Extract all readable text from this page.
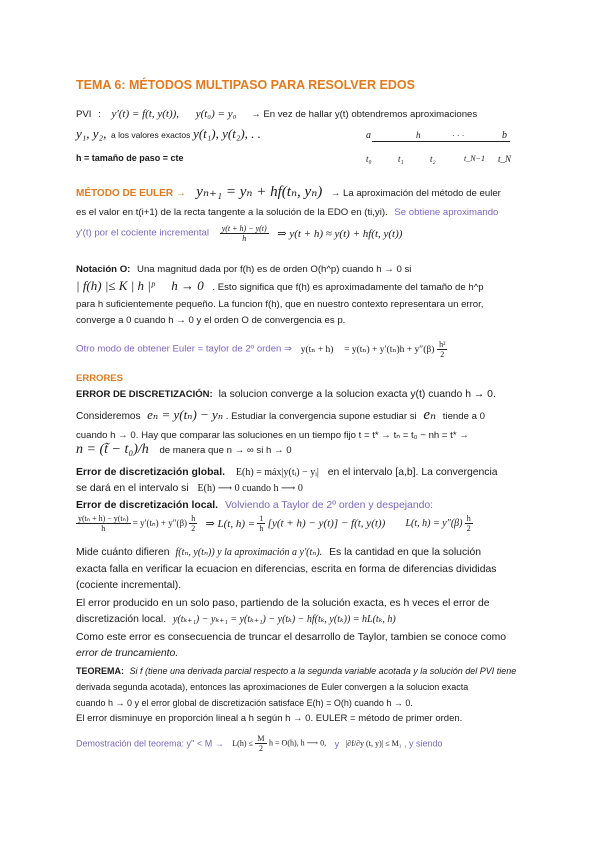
TEMA 6: MÉTODOS MULTIPASO PARA RESOLVER EDOS
PVI : y′(t) = f(t, y(t)), y(t₀) = y₀ → En vez de hallar y(t) obtendremos aproximaciones
y₁, y₂, a los valores exactos y(t₁), y(t₂), . .
h = tamaño de paso = cte
a	h	· · ·	b
t₀	t₁	t₂	t_N−1 t_N
MÉTODO DE EULER → yₙ₊₁ = yₙ + hf(tₙ, yₙ) → La aproximación del método de euler
es el valor en t(i+1) de la recta tangente a la solución de la EDO en (ti,yi). Se obtiene aproximando
y'(t) por el cociente incremental $\frac{y(t + h) - y(t)}{h}$ ⇒ y(t + h) ≈ y(t) + hf(t, y(t))
Notación O: Una magnitud dada por f(h) es de orden O(h^p) cuando h → 0 si
| f(h) |≤ K | h |ᵖ h → 0 . Esto significa que f(h) es aproximadamente del tamaño de h^p
para h suficientemente pequeño. La funcion f(h), que en nuestro contexto representara un error,
converge a 0 cuando h → 0 y el orden O de convergencia es p.
Otro modo de obtener Euler = taylor de 2º orden ⇒ $y(t_n + h) = y(t_n) + y'(t_n)h + y''(\beta) \frac{\text{h²}}{2}$
ERRORES
ERROR DE DISCRETIZACIÓN: la solucion converge a la solucion exacta y(t) cuando h → 0.
Consideremos eₙ = y(tₙ) − yₙ . Estudiar la convergencia supone estudiar si eₙ tiende a 0
cuando h → 0. Hay que comparar las soluciones en un tiempo fijo t = t* → tₙ = t₀ − nh = t* →
n = (t̃ − t₀)/h de manera que n → ∞ si h → 0
Error de discretización global. E(h) = máx|y(tᵢ) − yᵢ| en el intervalo [a,b]. La convergencia
se dará en el intervalo si E(h) ⟶ 0 cuando h ⟶ 0
Error de discretización local. Volviendo a Taylor de 2º orden y despejando:
$\frac{\text{y(tₙ + h) − y(tₙ)}}{h} = y'(t_n) + y''(\beta) \frac{h}{2}$ ⇒ L(t, $h) = \frac{1}{h} [y(t + h) - y(t)] - f(t$, y(t)) L(t, $h) = y''(\beta) \frac{h}{2}$
Mide cuánto difieren f(tₙ, y(tₙ)) y la aproximación a y′(tₙ). Es la cantidad en que la solución
exacta falla en verificar la ecuacion en diferencias, escrita en forma de diferencias divididas
(cociente incremental).
El error producido en un solo paso, partiendo de la solución exacta, es h veces el error de
discretización local. y(tₖ₊₁) − yₖ₊₁ = y(tₖ₊₁) − y(tₖ) − hf(tₖ, y(tₖ)) = hL(tₖ, h)
Como este error es consecuencia de truncar el desarrollo de Taylor, tambien se conoce como
error de truncamiento.
TEOREMA: Si f (tiene una derivada parcial respecto a la segunda variable acotada y la solución del PVI tiene
derivada segunda acotada), entonces las aproximaciones de Euler convergen a la solucion exacta
cuando h → 0 y el error global de discretización satisface E(h) = O(h) cuando h → 0.
El error disminuye en proporción lineal a h según h → 0. EULER = método de primer orden.
Demostración del teorema: $y'' < M \to L(h) \le \frac{M}{2}$ h = O(h), h ⟶ 0, y |∂f/∂y (t, y)| ≤ M₁ , y siendo
